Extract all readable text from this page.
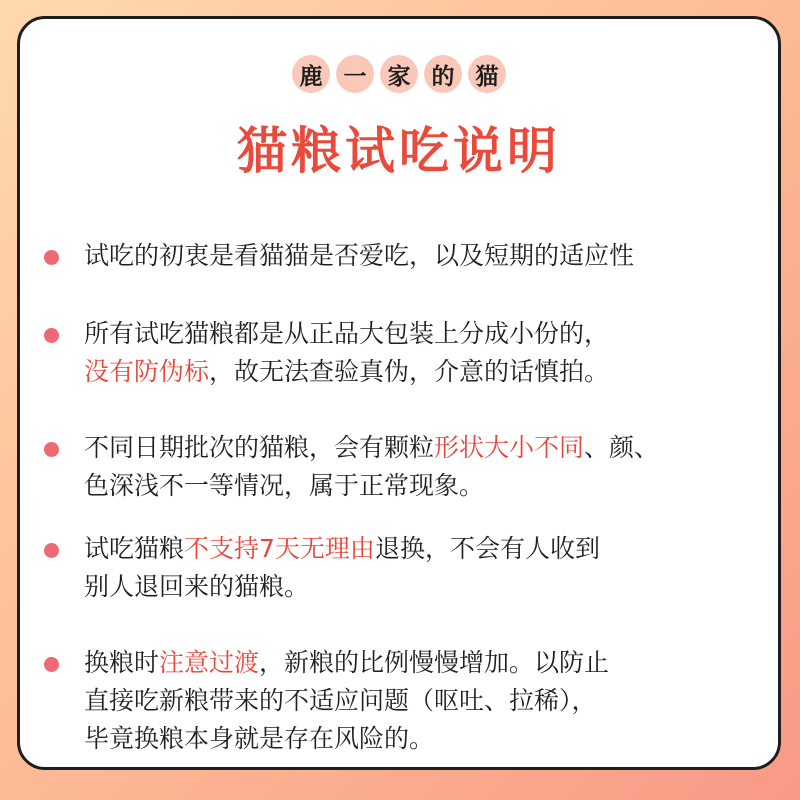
鹿 一 家 的 猫
猫粮试吃说明
试吃的初衷是看猫猫是否爱吃，以及短期的适应性
所有试吃猫粮都是从正品大包装上分成小份的，
没有防伪标，故无法查验真伪，介意的话慎拍。
不同日期批次的猫粮，会有颗粒形状大小不同、颜、
色深浅不一等情况，属于正常现象。
试吃猫粮不支持7天无理由退换，不会有人收到
别人退回来的猫粮。
换粮时注意过渡，新粮的比例慢慢增加。以防止
直接吃新粮带来的不适应问题（呕吐、拉稀），
毕竟换粮本身就是存在风险的。
